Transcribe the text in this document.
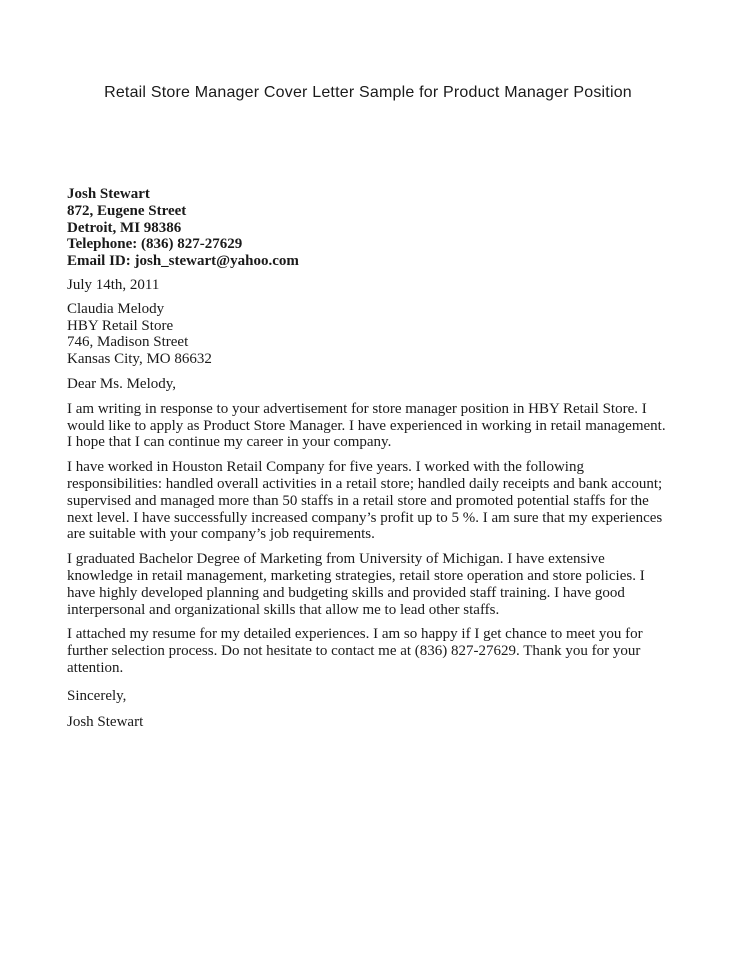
Retail Store Manager Cover Letter Sample for Product Manager Position
Josh Stewart
872, Eugene Street
Detroit, MI 98386
Telephone: (836) 827-27629
Email ID: josh_stewart@yahoo.com
July 14th, 2011
Claudia Melody
HBY Retail Store
746, Madison Street
Kansas City, MO 86632
Dear Ms. Melody,

I am writing in response to your advertisement for store manager position in HBY Retail Store. I would like to apply as Product Store Manager. I have experienced in working in retail management. I hope that I can continue my career in your company.

I have worked in Houston Retail Company for five years. I worked with the following responsibilities: handled overall activities in a retail store; handled daily receipts and bank account; supervised and managed more than 50 staffs in a retail store and promoted potential staffs for the next level. I have successfully increased company’s profit up to 5 %. I am sure that my experiences are suitable with your company’s job requirements.

I graduated Bachelor Degree of Marketing from University of Michigan. I have extensive knowledge in retail management, marketing strategies, retail store operation and store policies. I have highly developed planning and budgeting skills and provided staff training. I have good interpersonal and organizational skills that allow me to lead other staffs.

I attached my resume for my detailed experiences. I am so happy if I get chance to meet you for further selection process. Do not hesitate to contact me at (836) 827-27629. Thank you for your attention.

Sincerely,
Josh Stewart
